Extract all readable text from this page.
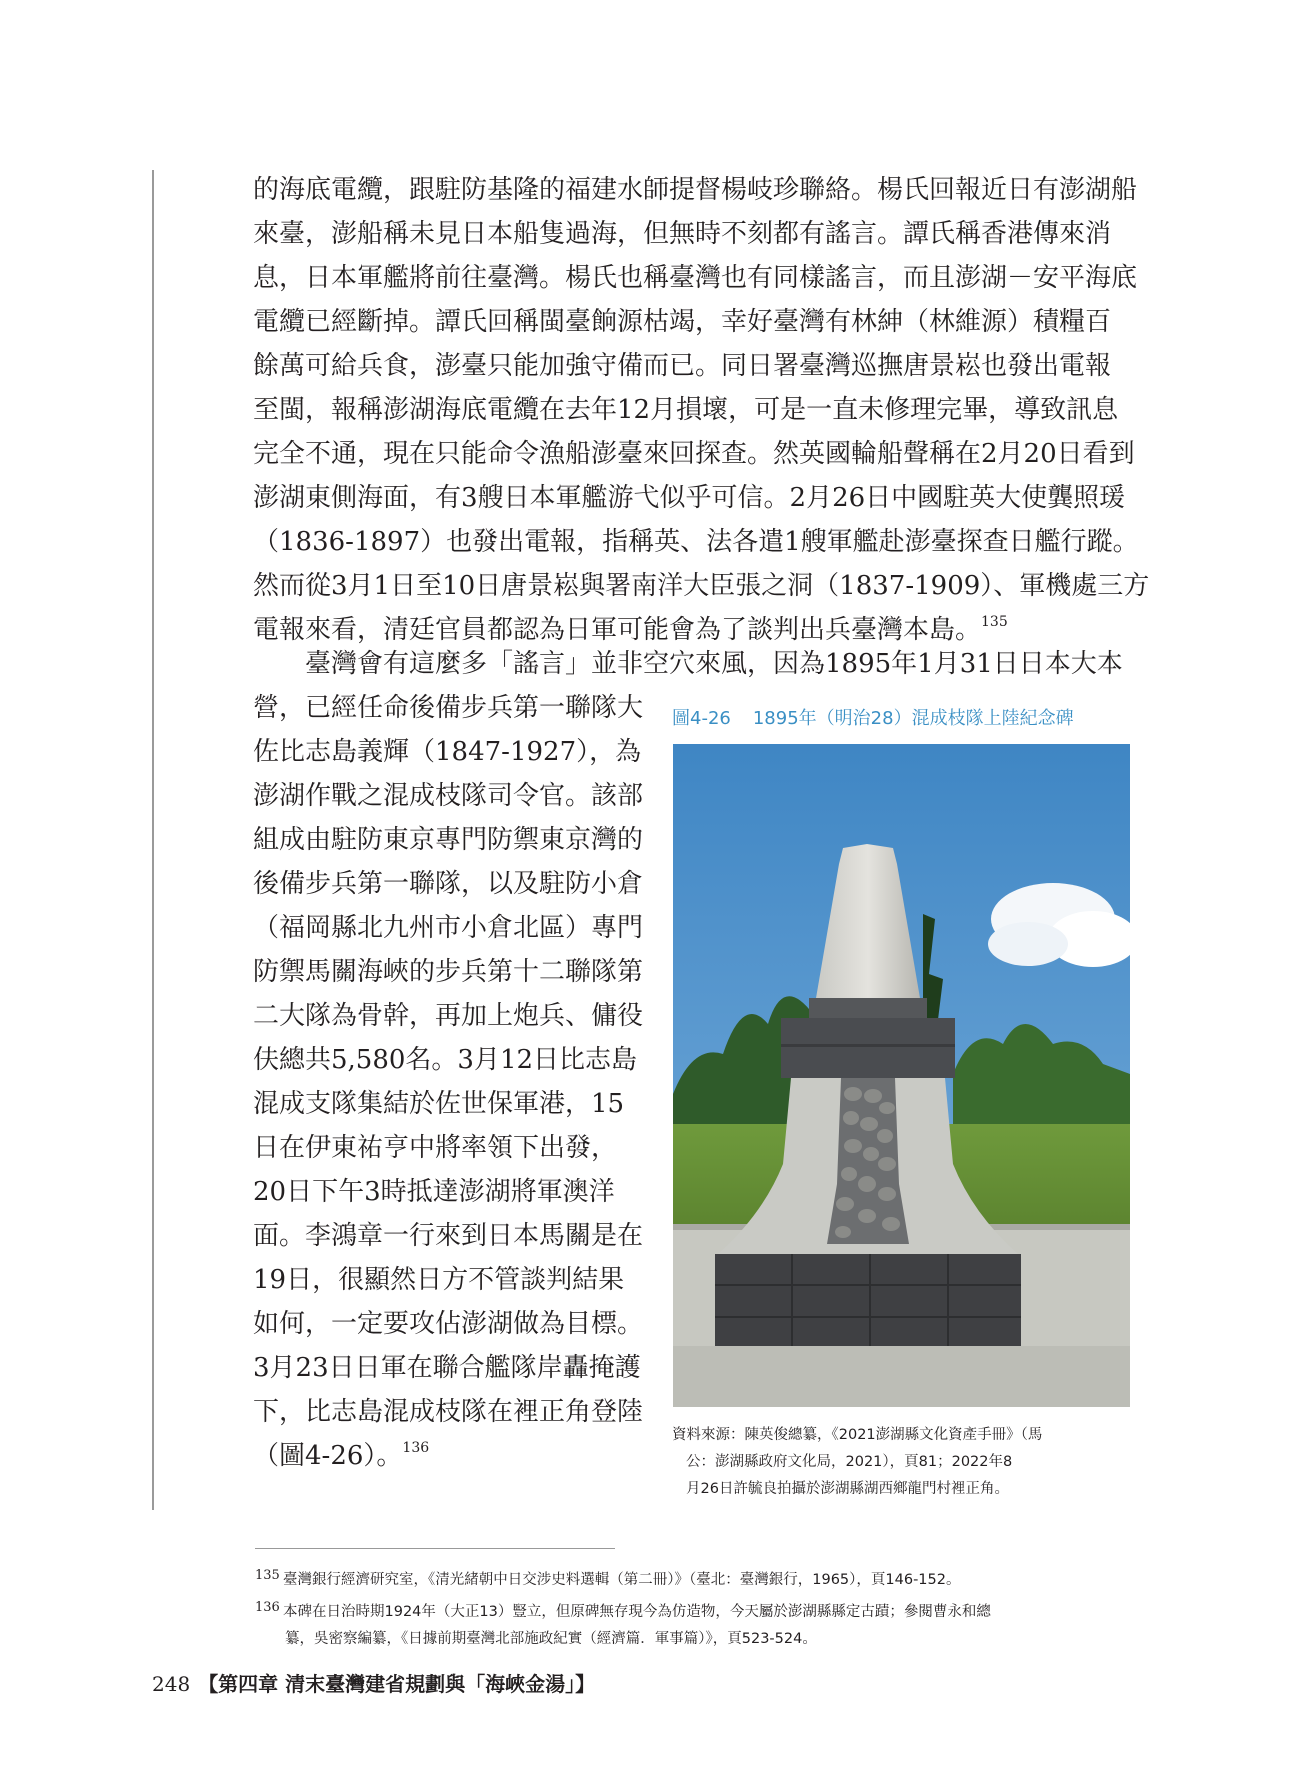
的海底電纜，跟駐防基隆的福建水師提督楊岐珍聯絡。楊氏回報近日有澎湖船
來臺，澎船稱未見日本船隻過海，但無時不刻都有謠言。譚氏稱香港傳來消
息，日本軍艦將前往臺灣。楊氏也稱臺灣也有同樣謠言，而且澎湖－安平海底
電纜已經斷掉。譚氏回稱閩臺餉源枯竭，幸好臺灣有林紳（林維源）積糧百
餘萬可給兵食，澎臺只能加強守備而已。同日署臺灣巡撫唐景崧也發出電報
至閩，報稱澎湖海底電纜在去年12月損壞，可是一直未修理完畢，導致訊息
完全不通，現在只能命令漁船澎臺來回探查。然英國輪船聲稱在2月20日看到
澎湖東側海面，有3艘日本軍艦游弋似乎可信。2月26日中國駐英大使龔照瑗
（1836-1897）也發出電報，指稱英、法各遣1艘軍艦赴澎臺探查日艦行蹤。
然而從3月1日至10日唐景崧與署南洋大臣張之洞（1837-1909）、軍機處三方
電報來看，清廷官員都認為日軍可能會為了談判出兵臺灣本島。$^{135}$
臺灣會有這麼多「謠言」並非空穴來風，因為1895年1月31日日本大本
營，已經任命後備步兵第一聯隊大
佐比志島義輝（1847-1927），為
澎湖作戰之混成枝隊司令官。該部
組成由駐防東京專門防禦東京灣的
後備步兵第一聯隊，以及駐防小倉
（福岡縣北九州市小倉北區）專門
防禦馬關海峽的步兵第十二聯隊第
二大隊為骨幹，再加上炮兵、傭役
伕總共5,580名。3月12日比志島
混成支隊集結於佐世保軍港，15
日在伊東祐亨中將率領下出發，
20日下午3時抵達澎湖將軍澳洋
面。李鴻章一行來到日本馬關是在
19日，很顯然日方不管談判結果
如何，一定要攻佔澎湖做為目標。
3月23日日軍在聯合艦隊岸轟掩護
下，比志島混成枝隊在裡正角登陸
（圖4-26）。$^{136}$
圖4-26 1895年（明治28）混成枝隊上陸紀念碑
資料來源：陳英俊總纂，《2021澎湖縣文化資產手冊》（馬
公：澎湖縣政府文化局，2021），頁81；2022年8
月26日許毓良拍攝於澎湖縣湖西鄉龍門村裡正角。
135 臺灣銀行經濟研究室，《清光緒朝中日交涉史料選輯（第二冊）》（臺北：臺灣銀行，1965），頁146-152。
136 本碑在日治時期1924年（大正13）豎立，但原碑無存現今為仿造物，今天屬於澎湖縣縣定古蹟；參閱曹永和總
纂，吳密察編纂，《日據前期臺灣北部施政紀實（經濟篇．軍事篇）》，頁523-524。
248 【第四章 清末臺灣建省規劃與「海峽金湯」】
